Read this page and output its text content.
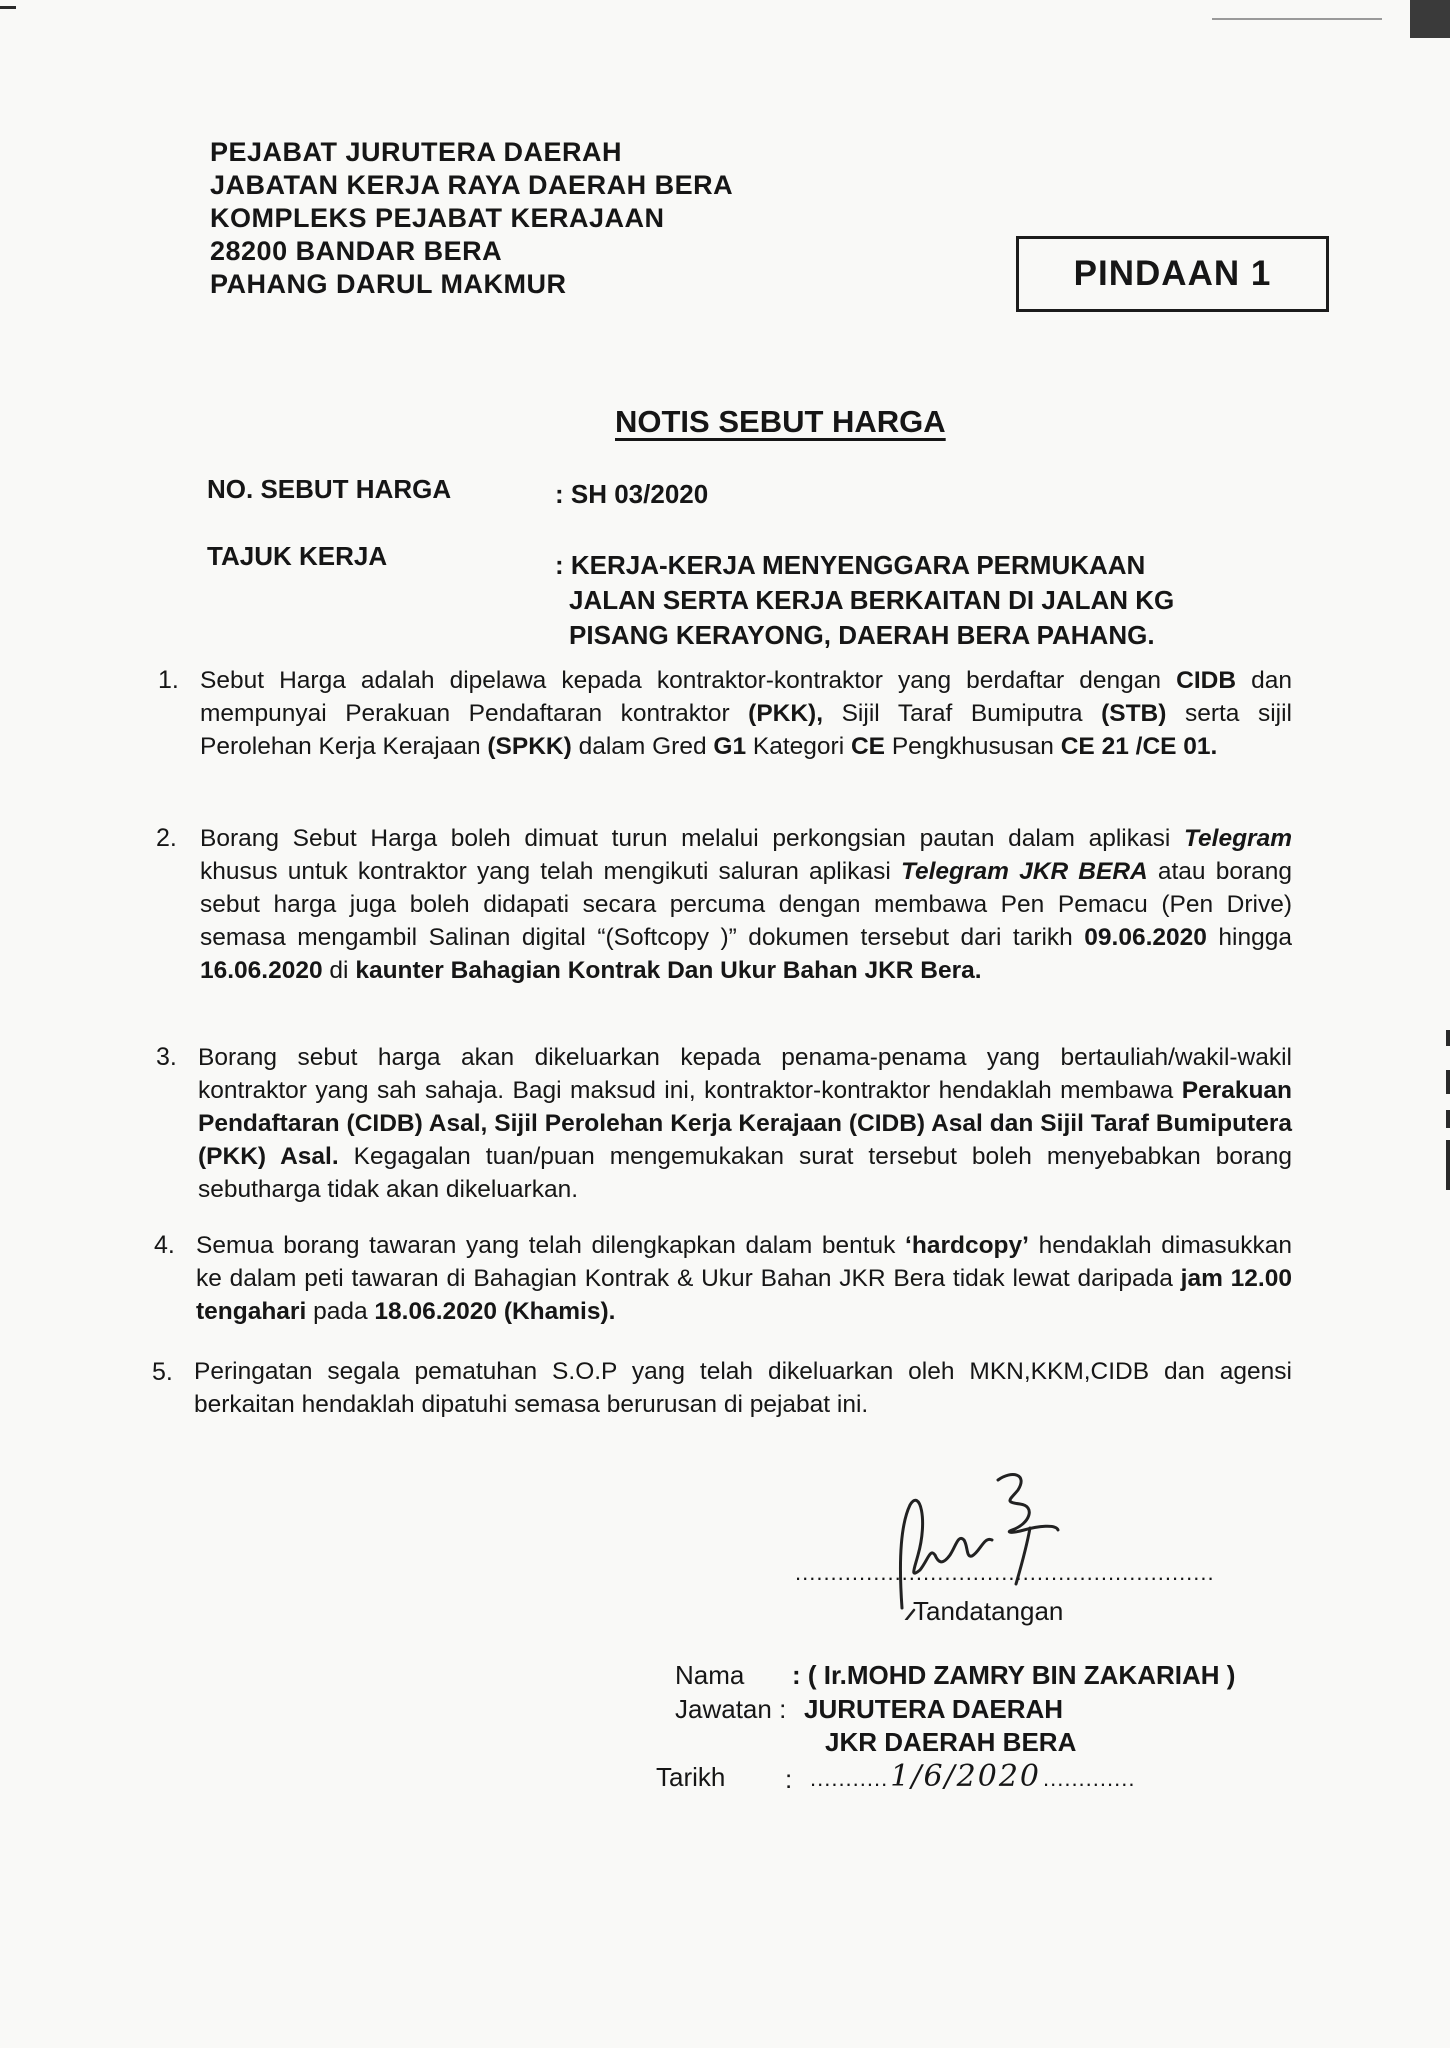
PEJABAT JURUTERA DAERAH
JABATAN KERJA RAYA DAERAH BERA
KOMPLEKS PEJABAT KERAJAAN
28200 BANDAR BERA
PAHANG DARUL MAKMUR	PINDAAN 1
NOTIS SEBUT HARGA
NO. SEBUT HARGA	: SH 03/2020
TAJUK KERJA	: KERJA-KERJA MENYENGGARA PERMUKAAN
JALAN SERTA KERJA BERKAITAN DI JALAN KG
PISANG KERAYONG, DAERAH BERA PAHANG.
1. Sebut Harga adalah dipelawa kepada kontraktor-kontraktor yang berdaftar dengan CIDB dan mempunyai Perakuan Pendaftaran kontraktor (PKK), Sijil Taraf Bumiputra (STB) serta sijil Perolehan Kerja Kerajaan (SPKK) dalam Gred G1 Kategori CE Pengkhususan CE 21 /CE 01.
2. Borang Sebut Harga boleh dimuat turun melalui perkongsian pautan dalam aplikasi Telegram khusus untuk kontraktor yang telah mengikuti saluran aplikasi Telegram JKR BERA atau borang sebut harga juga boleh didapati secara percuma dengan membawa Pen Pemacu (Pen Drive) semasa mengambil Salinan digital “(Softcopy )” dokumen tersebut dari tarikh 09.06.2020 hingga 16.06.2020 di kaunter Bahagian Kontrak Dan Ukur Bahan JKR Bera.
3. Borang sebut harga akan dikeluarkan kepada penama-penama yang bertauliah/wakil-wakil kontraktor yang sah sahaja. Bagi maksud ini, kontraktor-kontraktor hendaklah membawa Perakuan Pendaftaran (CIDB) Asal, Sijil Perolehan Kerja Kerajaan (CIDB) Asal dan Sijil Taraf Bumiputera (PKK) Asal. Kegagalan tuan/puan mengemukakan surat tersebut boleh menyebabkan borang sebutharga tidak akan dikeluarkan.
4. Semua borang tawaran yang telah dilengkapkan dalam bentuk ‘hardcopy’ hendaklah dimasukkan ke dalam peti tawaran di Bahagian Kontrak & Ukur Bahan JKR Bera tidak lewat daripada jam 12.00 tengahari pada 18.06.2020 (Khamis).
5. Peringatan segala pematuhan S.O.P yang telah dikeluarkan oleh MKN,KKM,CIDB dan agensi berkaitan hendaklah dipatuhi semasa berurusan di pejabat ini.
...........................................................
Tandatangan
Nama : ( Ir.MOHD ZAMRY BIN ZAKARIAH )
Jawatan : JURUTERA DAERAH
JKR DAERAH BERA
Tarikh : ........... 1/6/2020 .............
